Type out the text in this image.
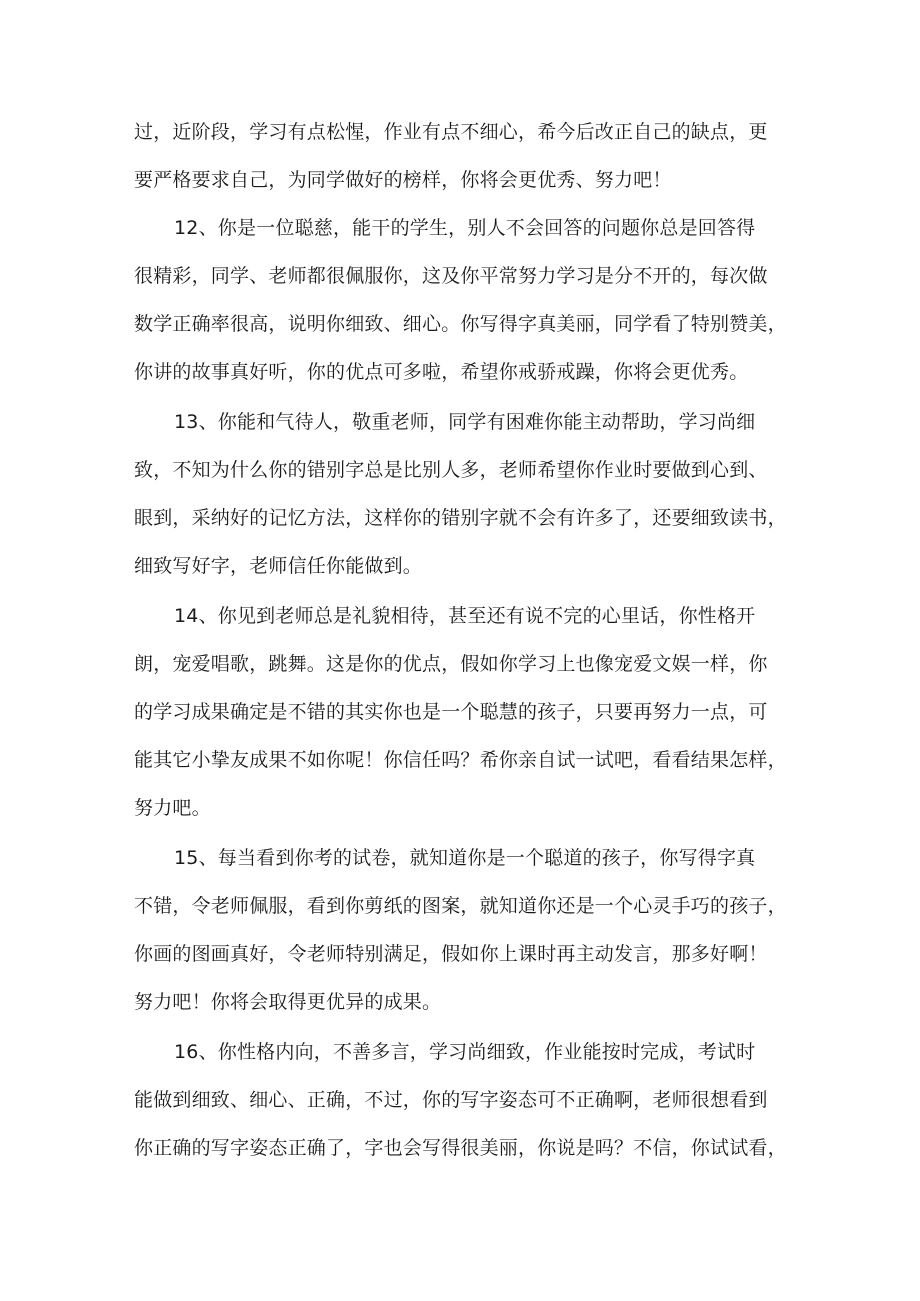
过，近阶段，学习有点松惺，作业有点不细心，希今后改正自己的缺点，更
要严格要求自己，为同学做好的榜样，你将会更优秀、努力吧！

12、你是一位聪慈，能干的学生，别人不会回答的问题你总是回答得
很精彩，同学、老师都很佩服你，这及你平常努力学习是分不开的，每次做
数学正确率很高，说明你细致、细心。你写得字真美丽，同学看了特别赞美，
你讲的故事真好听，你的优点可多啦，希望你戒骄戒躁，你将会更优秀。

13、你能和气待人，敬重老师，同学有困难你能主动帮助，学习尚细
致，不知为什么你的错别字总是比别人多，老师希望你作业时要做到心到、
眼到，采纳好的记忆方法，这样你的错别字就不会有许多了，还要细致读书，
细致写好字，老师信任你能做到。

14、你见到老师总是礼貌相待，甚至还有说不完的心里话，你性格开
朗，宠爱唱歌，跳舞。这是你的优点，假如你学习上也像宠爱文娱一样，你
的学习成果确定是不错的其实你也是一个聪慧的孩子，只要再努力一点，可
能其它小挚友成果不如你呢！你信任吗？希你亲自试一试吧，看看结果怎样，
努力吧。

15、每当看到你考的试卷，就知道你是一个聪道的孩子，你写得字真
不错，令老师佩服，看到你剪纸的图案，就知道你还是一个心灵手巧的孩子，
你画的图画真好，令老师特别满足，假如你上课时再主动发言，那多好啊！
努力吧！你将会取得更优异的成果。

16、你性格内向，不善多言，学习尚细致，作业能按时完成，考试时
能做到细致、细心、正确，不过，你的写字姿态可不正确啊，老师很想看到
你正确的写字姿态正确了，字也会写得很美丽，你说是吗？不信，你试试看，
